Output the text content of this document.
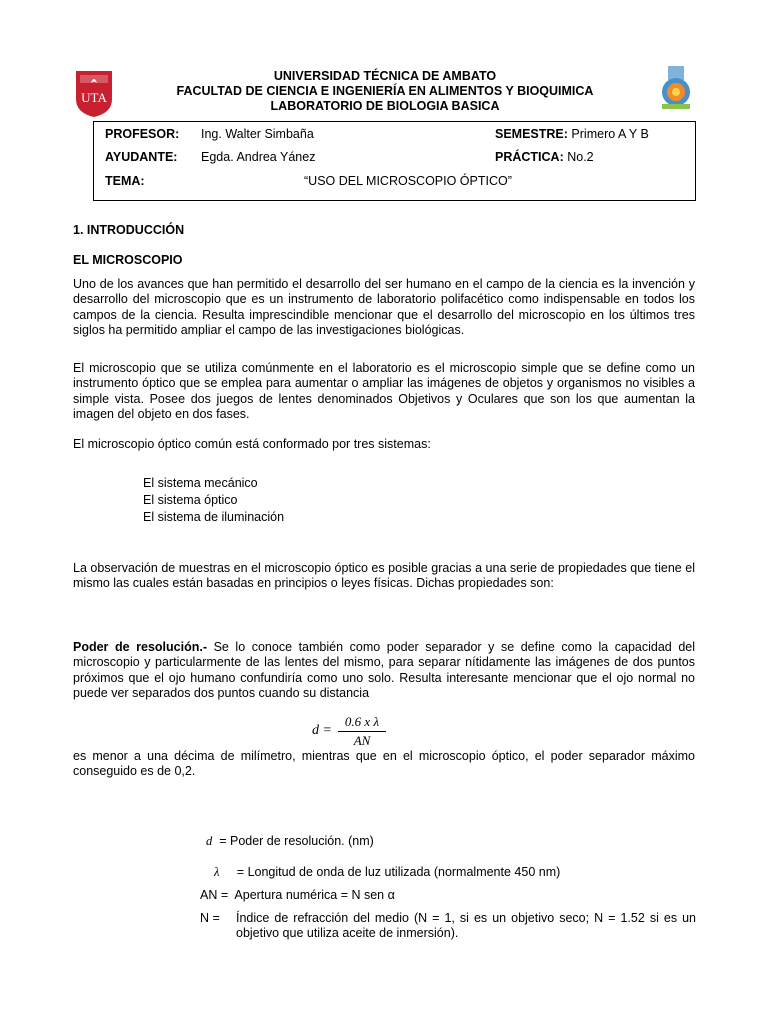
UTA
UNIVERSIDAD TÉCNICA DE AMBATO
FACULTAD DE CIENCIA E INGENIERÍA EN ALIMENTOS Y BIOQUIMICA
LABORATORIO DE BIOLOGIA BASICA
PROFESOR: Ing. Walter Simbaña	SEMESTRE: Primero A Y B
AYUDANTE: Egda. Andrea Yánez	PRÁCTICA: No.2
TEMA:	“USO DEL MICROSCOPIO ÓPTICO”
1. INTRODUCCIÓN
EL MICROSCOPIO
Uno de los avances que han permitido el desarrollo del ser humano en el campo de la ciencia es la invención y desarrollo del microscopio que es un instrumento de laboratorio polifacético como indispensable en todos los campos de la ciencia. Resulta imprescindible mencionar que el desarrollo del microscopio en los últimos tres siglos ha permitido ampliar el campo de las investigaciones biológicas.
El microscopio que se utiliza comúnmente en el laboratorio es el microscopio simple que se define como un instrumento óptico que se emplea para aumentar o ampliar las imágenes de objetos y organismos no visibles a simple vista. Posee dos juegos de lentes denominados Objetivos y Oculares que son los que aumentan la imagen del objeto en dos fases.
El microscopio óptico común está conformado por tres sistemas:
El sistema mecánico
El sistema óptico
El sistema de iluminación
La observación de muestras en el microscopio óptico es posible gracias a una serie de propiedades que tiene el mismo las cuales están basadas en principios o leyes físicas. Dichas propiedades son:
Poder de resolución.- Se lo conoce también como poder separador y se define como la capacidad del microscopio y particularmente de las lentes del mismo, para separar nítidamente las imágenes de dos puntos próximos que el ojo humano confundiría como uno solo. Resulta interesante mencionar que el ojo normal no puede ver separados dos puntos cuando su distancia
d =
0.6 x λ
AN
es menor a una décima de milímetro, mientras que en el microscopio óptico, el poder separador máximo conseguido es de 0,2.
d = Poder de resolución. (nm)
λ = Longitud de onda de luz utilizada (normalmente 450 nm)
AN = Apertura numérica = N sen α
N = Índice de refracción del medio (N = 1, si es un objetivo seco; N = 1.52 si es un objetivo que utiliza aceite de inmersión).
